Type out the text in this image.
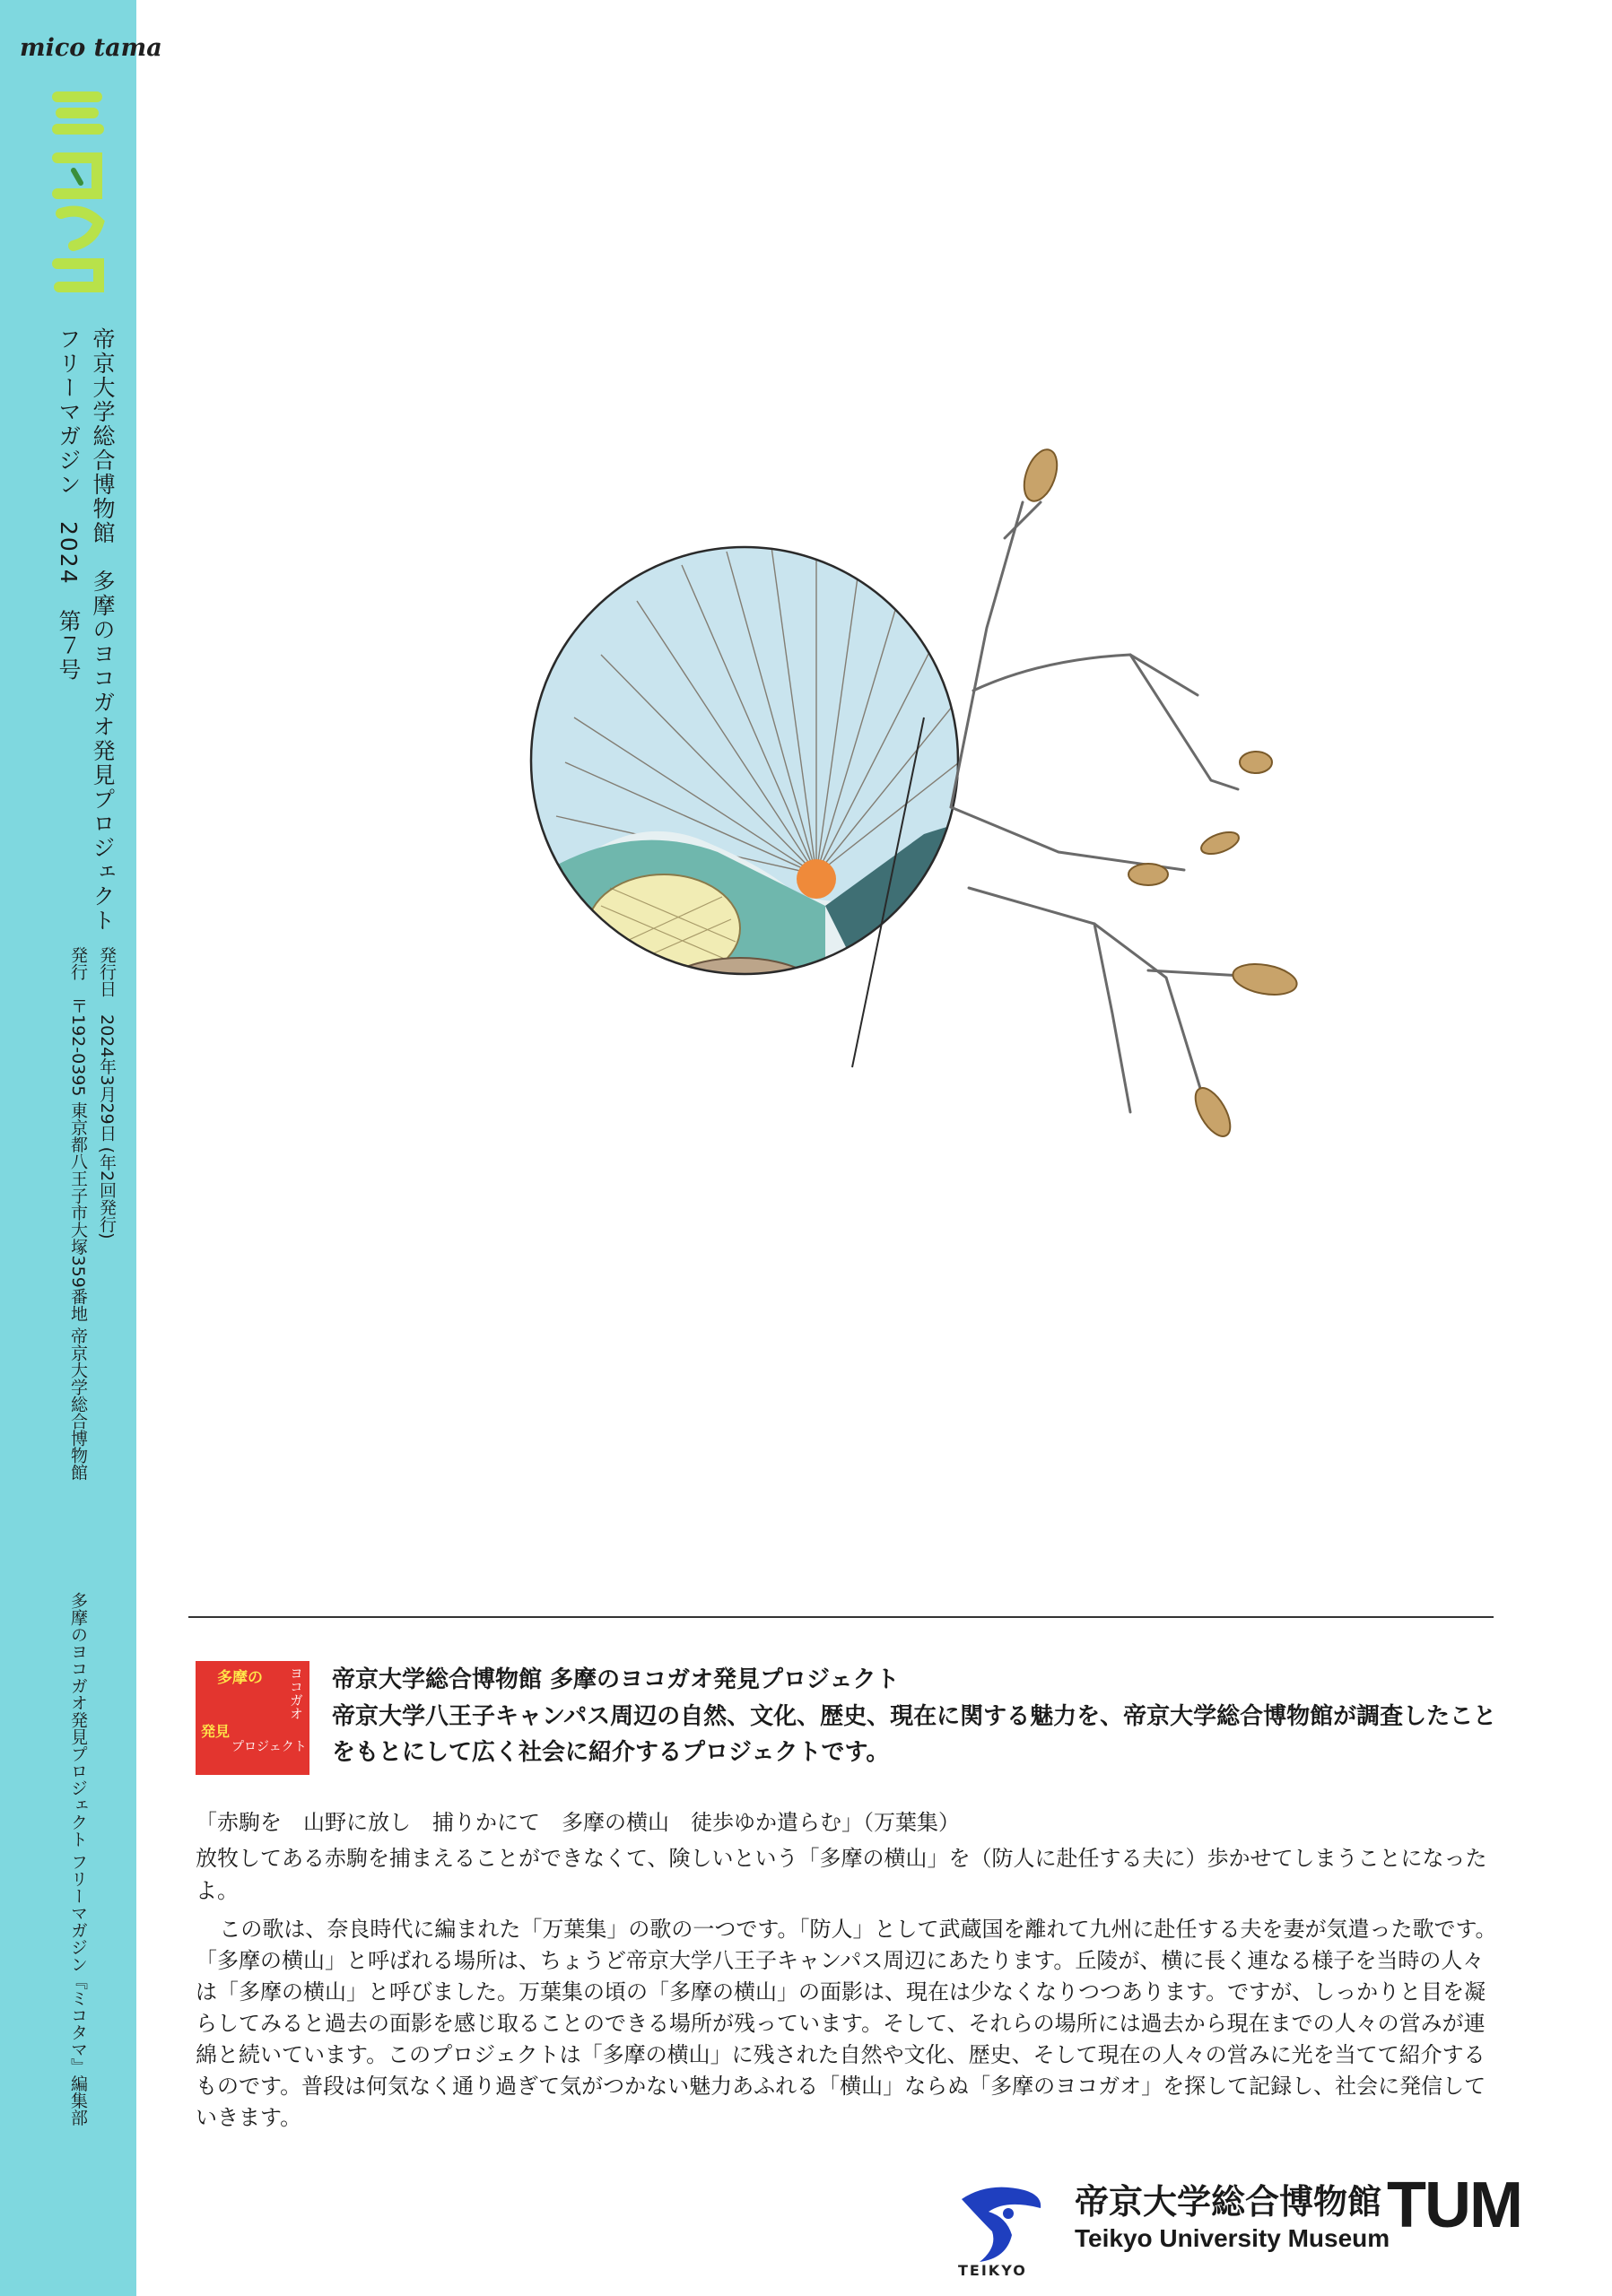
mico tama
帝京大学総合博物館　多摩のヨコガオ発見プロジェクト
フリーマガジン　2024　第７号
発行日　2024年3月29日 (年2回発行)
発行　〒192-0395 東京都八王子市大塚359番地 帝京大学総合博物館
多摩のヨコガオ発見プロジェクト フリーマガジン『ミコタマ』編集部	多摩の
発見
ヨコガオ
プロジェクト
帝京大学総合博物館 多摩のヨコガオ発見プロジェクト
帝京大学八王子キャンパス周辺の自然、文化、歴史、現在に関する魅力を、帝京大学総合博物館が調査したことをもとにして広く社会に紹介するプロジェクトです。
「赤駒を　山野に放し　捕りかにて　多摩の横山　徒歩ゆか遣らむ」（万葉集）
放牧してある赤駒を捕まえることができなくて、険しいという「多摩の横山」を（防人に赴任する夫に）歩かせてしまうことになったよ。
この歌は、奈良時代に編まれた「万葉集」の歌の一つです。「防人」として武蔵国を離れて九州に赴任する夫を妻が気遣った歌です。「多摩の横山」と呼ばれる場所は、ちょうど帝京大学八王子キャンパス周辺にあたります。丘陵が、横に長く連なる様子を当時の人々は「多摩の横山」と呼びました。万葉集の頃の「多摩の横山」の面影は、現在は少なくなりつつあります。ですが、しっかりと目を凝らしてみると過去の面影を感じ取ることのできる場所が残っています。そして、それらの場所には過去から現在までの人々の営みが連綿と続いています。このプロジェクトは「多摩の横山」に残された自然や文化、歴史、そして現在の人々の営みに光を当てて紹介するものです。普段は何気なく通り過ぎて気がつかない魅力あふれる「横山」ならぬ「多摩のヨコガオ」を探して記録し、社会に発信していきます。
TEIKYO
帝京大学総合博物館
Teikyo University Museum
TUM
